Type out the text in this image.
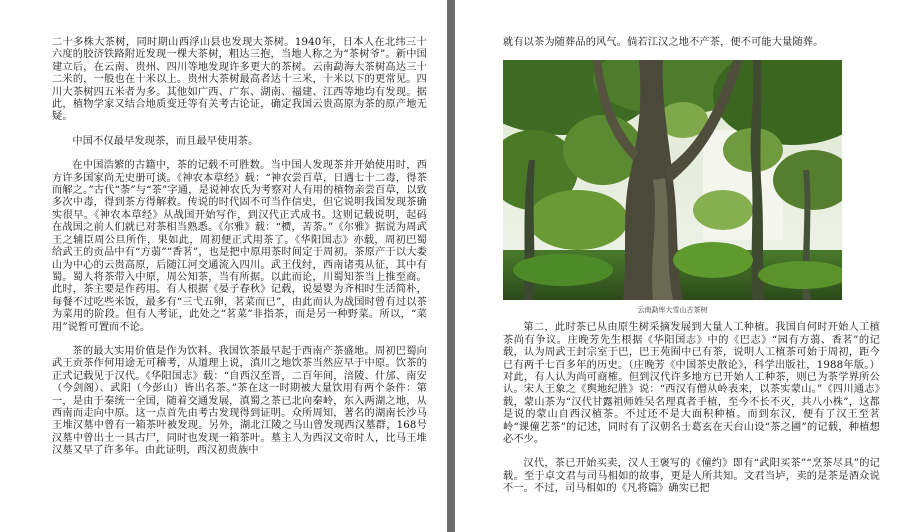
二十多株大茶树，同时期山西浮山县也发现大茶树。1940年，日本人在北纬三十六度的胶济铁路附近发现一棵大茶树，粗达三抱，当地人称之为“茶树爷”。新中国建立后，在云南、贵州、四川等地发现许多更大的茶树。云南勐海大茶树高达三十二米的，一般也在十米以上。贵州大茶树最高者达十三米，十米以下的更常见。四川大茶树四五米者为多。其他如广西、广东、湖南、福建、江西等地均有发现。据此，植物学家又结合地质变迁等有关考古论证，确定我国云贵高原为茶的原产地无疑。

中国不仅最早发现茶，而且最早使用茶。

在中国浩繁的古籍中，茶的记载不可胜数。当中国人发现茶并开始使用时，西方许多国家尚无史册可谈。《神农本草经》载：“神农尝百草，日遇七十二毒，得茶而解之。”古代“荼”与“茶”字通，是说神农氏为考察对人有用的植物亲尝百草，以致多次中毒，得到茶方得解救。传说的时代固不可当作信史，但它说明我国发现茶确实很早。《神农本草经》从战国开始写作，到汉代正式成书。这则记载说明，起码在战国之前人们就已对茶相当熟悉。《尔雅》载：“槚，苦荼。”《尔雅》据说为周武王之辅臣周公旦所作，果如此，周初便正式用茶了。《华阳国志》亦载，周初巴蜀给武王的贡品中有“方蒻”“香茗”，也是把中原用茶时间定于周初。茶原产于以大娄山为中心的云贵高原，后随江河交通流入四川。武王伐纣，西南诸夷从征，其中有蜀。蜀人将茶带入中原，周公知茶，当有所据。以此而论，川蜀知茶当上推至商。此时，茶主要是作药用。有人根据《晏子春秋》记载，说晏婴为齐相时生活简朴，每餐不过吃些米饭，最多有“三弋五卵，茗菜而已”，由此而认为战国时曾有过以茶为菜用的阶段。但有人考证，此处之“茗菜”非指茶，而是另一种野菜。所以，“菜用”说暂可置而不论。

茶的最大实用价值是作为饮料。我国饮茶最早起于西南产茶盛地。周初巴蜀向武王贡茶作何用途无可稽考，从道理上说，滇川之地饮茶当然应早于中原。饮茶的正式记载见于汉代。《华阳国志》载：“自西汉至晋，二百年间，涪陵、什邡、南安（今剑阁）、武阳（今彭山）皆出名茶。”茶在这一时期被大量饮用有两个条件：第一，是由于秦统一全国，随着交通发展，滇蜀之茶已北向秦岭，东入两湖之地，从西南而走向中原。这一点首先由考古发现得到证明。众所周知，著名的湖南长沙马王堆汉墓中曾有一箱茶叶被发现。另外，湖北江陵之马山曾发现西汉墓群，168号汉墓中曾出土一具古尸，同时也发现一箱茶叶。墓主人为西汉文帝时人，比马王堆汉墓又早了许多年。由此证明，西汉初贵族中

就有以茶为随葬品的风气。倘若江汉之地不产茶，便不可能大量随葬。

云南勐库大雪山古茶树

第二，此时茶已从由原生树采摘发展到大量人工种植。我国自何时开始人工植茶尚有争议。庄晚芳先生根据《华阳国志》中的《巴志》“园有方蒻、香茗”的记载，认为周武王封宗室于巴，巴王苑囿中已有茶，说明人工植茶可始于周初，距今已有两千七百多年的历史。（庄晚芳《中国茶史散论》，科学出版社，1988年版。）对此，有人认为尚可商榷。但到汉代许多地方已开始人工种茶，则已为茶学界所公认。宋人王象之《舆地纪胜》说：“西汉有僧从岭表来，以茶实蒙山。”《四川通志》载，蒙山茶为“汉代甘露祖师姓吴名理真者手植，至今不长不灭，共八小株”，这都是说的蒙山自西汉植茶。不过还不是大面积种植。而到东汉，便有了汉王至茗岭“课僮艺茶”的记述，同时有了汉朝名士葛玄在天台山设“茶之圃”的记载，种植想必不少。

汉代，茶已开始买卖，汉人王褒写的《僮约》即有“武阳买茶”“烹茶尽具”的记载。至于卓文君与司马相如的故事，更是人所共知。文君当垆，卖的是茶是酒众说不一。不过，司马相如的《凡将篇》确实已把
